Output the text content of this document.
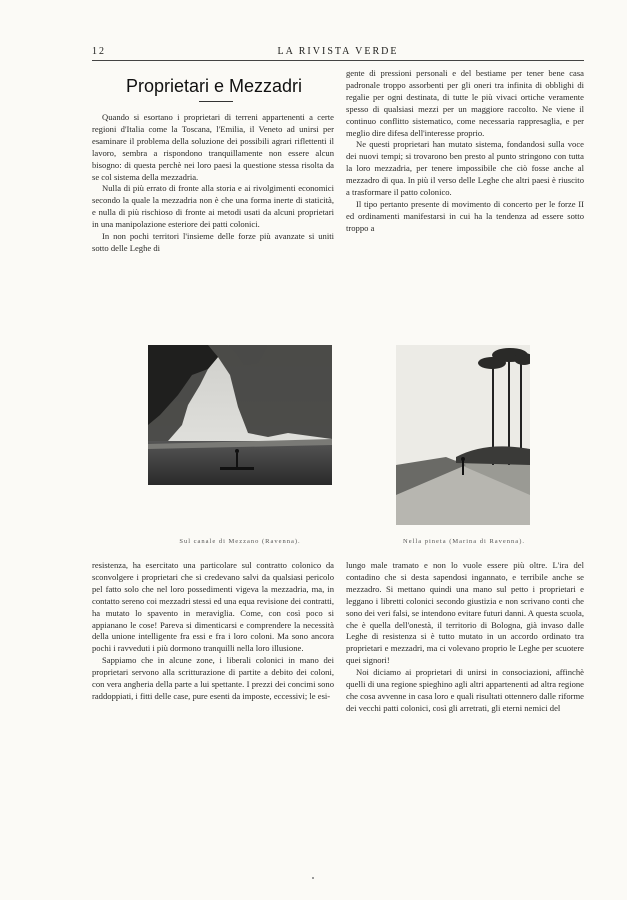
12	LA RIVISTA VERDE
Proprietari e Mezzadri

Quando si esortano i proprietari di terreni appartenenti a certe regioni d'Italia come la Toscana, l'Emilia, il Veneto ad unirsi per esaminare il problema della soluzione dei possibili agrari riflettenti il lavoro, sembra a rispondono tranquillamente non essere alcun bisogno: di questa perchè nei loro paesi la questione stessa risolta da se col sistema della mezzadria.

Nulla di più errato di fronte alla storia e ai rivolgimenti economici secondo la quale la mezzadria non è che una forma inerte di staticità, e nulla di più rischioso di fronte ai metodi usati da alcuni proprietari in una manipolazione esteriore dei patti colonici.

In non pochi territori l'insieme delle forze più avanzate si uniti sotto delle Leghe di

gente di pressioni personali e del bestiame per tener bene casa padronale troppo assorbenti per gli oneri tra infinita di obblighi di regalie per ogni destinata, di tutte le più vivaci ortiche veramente spesso di qualsiasi mezzi per un maggiore raccolto. Ne viene il continuo conflitto sistematico, come necessaria rappresaglia, e per meglio dire difesa dell'interesse proprio.

Ne questi proprietari han mutato sistema, fondandosi sulla voce dei nuovi tempi; si trovarono ben presto al punto stringono con tutta la loro mezzadria, per tenere impossibile che ciò fosse anche al mezzadro di qua. In più il verso delle Leghe che altri paesi è riuscito a trasformare il patto colonico.

Il tipo pertanto presente di movimento di concerto per le forze II ed ordinamenti manifestarsi in cui ha la tendenza ad essere sotto troppo a

Sul canale di Mezzano (Ravenna).	Nella pineta (Marina di Ravenna).

resistenza, ha esercitato una particolare sul contratto colonico da sconvolgere i proprietari che si credevano salvi da qualsiasi pericolo pel fatto solo che nel loro possedimenti vigeva la mezzadria, ma, in contatto sereno coi mezzadri stessi ed una equa revisione dei contratti, ha mutato lo spavento in meraviglia. Come, con così poco si appianano le cose! Pareva si dimenticarsi e comprendere la necessità della unione intelligente fra essi e fra i loro coloni. Ma sono ancora pochi i ravveduti i più dormono tranquilli nella loro illusione.

Sappiamo che in alcune zone, i liberali colonici in mano dei proprietari servono alla scritturazione di partite a debito dei coloni, con vera angheria della parte a lui spettante. I prezzi dei concimi sono raddoppiati, i fitti delle case, pure esenti da imposte, eccessivi; le esi-

lungo male tramato e non lo vuole essere più oltre. L'ira del contadino che si desta sapendosi ingannato, e terribile anche se mezzadro. Si mettano quindi una mano sul petto i proprietari e leggano i libretti colonici secondo giustizia e non scrivano conti che sono dei veri falsi, se intendono evitare futuri danni. A questa scuola, che è quella dell'onestà, il territorio di Bologna, già invaso dalle Leghe di resistenza si è tutto mutato in un accordo ordinato tra proprietari e mezzadri, ma ci volevano proprio le Leghe per scuotere quei signori!

Noi diciamo ai proprietari di unirsi in consociazioni, affinchè quelli di una regione spieghino agli altri appartenenti ad altra regione che cosa avvenne in casa loro e quali risultati ottennero dalle riforme dei vecchi patti colonici, così gli arretrati, gli eterni nemici del
